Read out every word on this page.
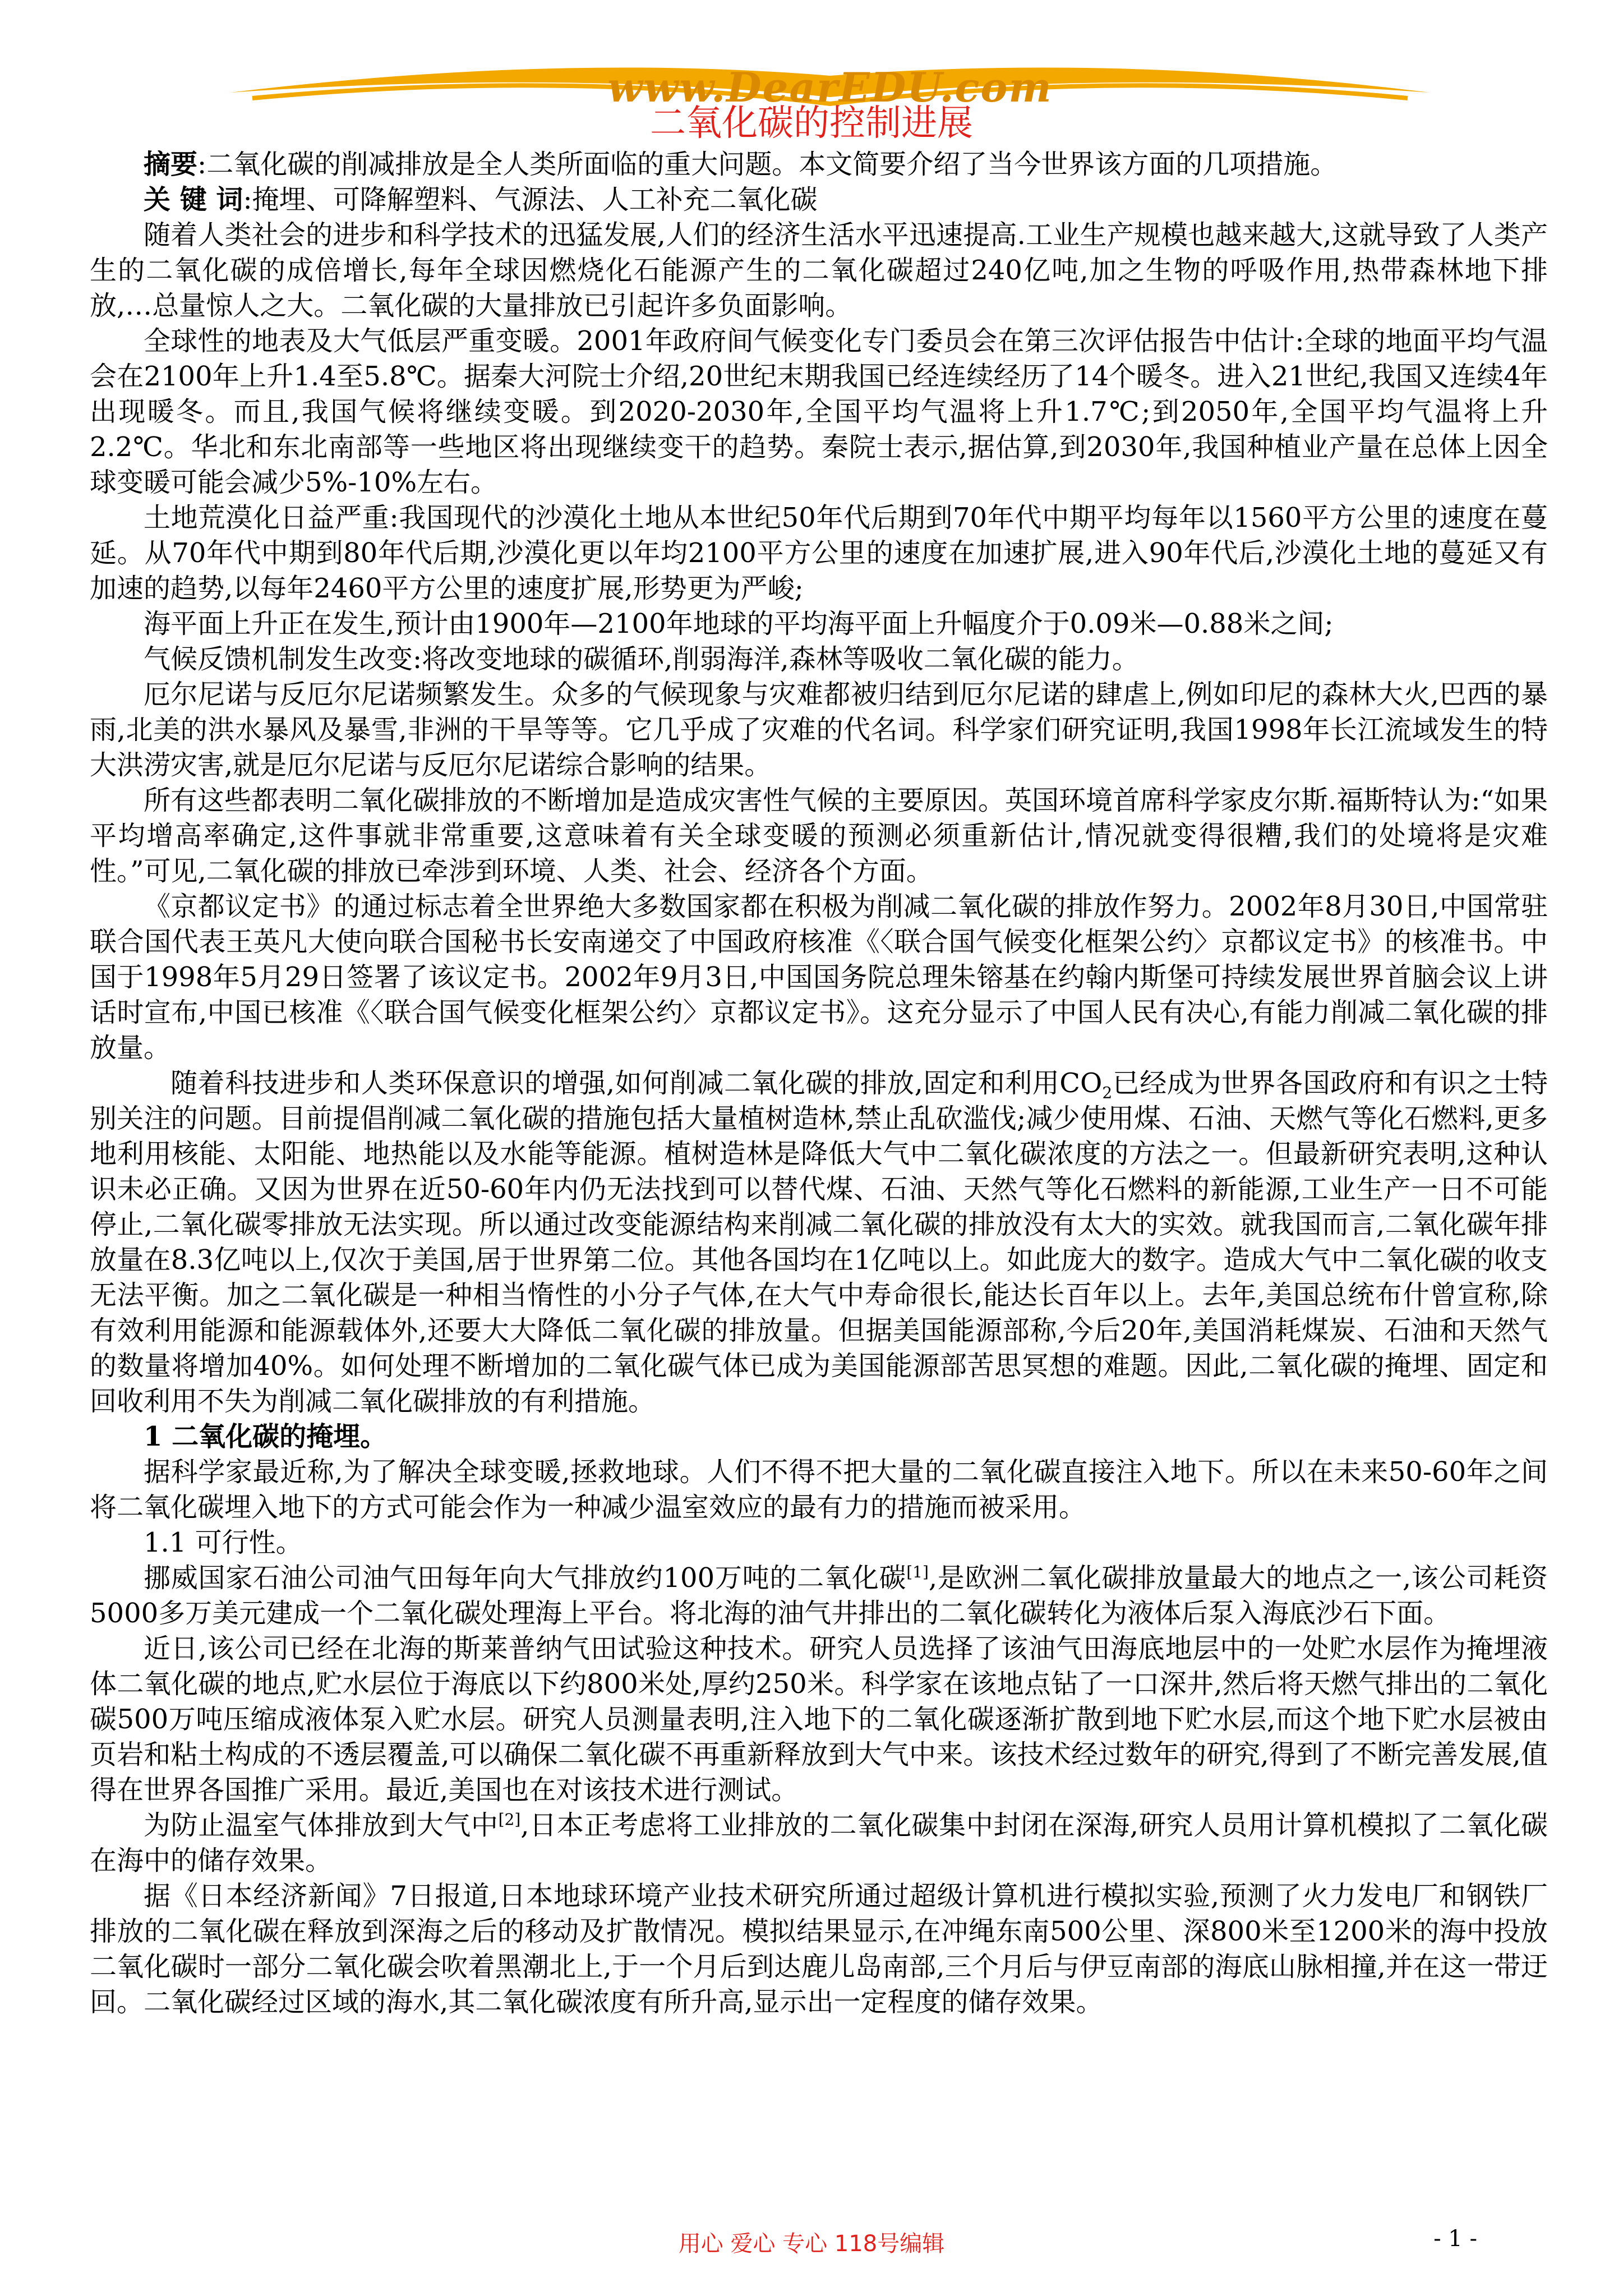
www.DearEDU.com
二氧化碳的控制进展

摘要:二氧化碳的削减排放是全人类所面临的重大问题。本文简要介绍了当今世界该方面的几项措施。

关 键 词:掩埋、可降解塑料、气源法、人工补充二氧化碳

随着人类社会的进步和科学技术的迅猛发展,人们的经济生活水平迅速提高.工业生产规模也越来越大,这就导致了人类产生的二氧化碳的成倍增长,每年全球因燃烧化石能源产生的二氧化碳超过240亿吨,加之生物的呼吸作用,热带森林地下排放,…总量惊人之大。二氧化碳的大量排放已引起许多负面影响。

全球性的地表及大气低层严重变暖。2001年政府间气候变化专门委员会在第三次评估报告中估计:全球的地面平均气温会在2100年上升1.4至5.8℃。据秦大河院士介绍,20世纪末期我国已经连续经历了14个暖冬。进入21世纪,我国又连续4年出现暖冬。而且,我国气候将继续变暖。到2020-2030年,全国平均气温将上升1.7℃;到2050年,全国平均气温将上升2.2℃。华北和东北南部等一些地区将出现继续变干的趋势。秦院士表示,据估算,到2030年,我国种植业产量在总体上因全球变暖可能会减少5%-10%左右。

土地荒漠化日益严重:我国现代的沙漠化土地从本世纪50年代后期到70年代中期平均每年以1560平方公里的速度在蔓延。从70年代中期到80年代后期,沙漠化更以年均2100平方公里的速度在加速扩展,进入90年代后,沙漠化土地的蔓延又有加速的趋势,以每年2460平方公里的速度扩展,形势更为严峻;

海平面上升正在发生,预计由1900年—2100年地球的平均海平面上升幅度介于0.09米—0.88米之间;

气候反馈机制发生改变:将改变地球的碳循环,削弱海洋,森林等吸收二氧化碳的能力。

厄尔尼诺与反厄尔尼诺频繁发生。众多的气候现象与灾难都被归结到厄尔尼诺的肆虐上,例如印尼的森林大火,巴西的暴雨,北美的洪水暴风及暴雪,非洲的干旱等等。它几乎成了灾难的代名词。科学家们研究证明,我国1998年长江流域发生的特大洪涝灾害,就是厄尔尼诺与反厄尔尼诺综合影响的结果。

所有这些都表明二氧化碳排放的不断增加是造成灾害性气候的主要原因。英国环境首席科学家皮尔斯.福斯特认为:“如果平均增高率确定,这件事就非常重要,这意味着有关全球变暖的预测必须重新估计,情况就变得很糟,我们的处境将是灾难性。”可见,二氧化碳的排放已牵涉到环境、人类、社会、经济各个方面。

《京都议定书》的通过标志着全世界绝大多数国家都在积极为削减二氧化碳的排放作努力。2002年8月30日,中国常驻联合国代表王英凡大使向联合国秘书长安南递交了中国政府核准《〈联合国气候变化框架公约〉京都议定书》的核准书。中国于1998年5月29日签署了该议定书。2002年9月3日,中国国务院总理朱镕基在约翰内斯堡可持续发展世界首脑会议上讲话时宣布,中国已核准《〈联合国气候变化框架公约〉京都议定书》。这充分显示了中国人民有决心,有能力削减二氧化碳的排放量。

随着科技进步和人类环保意识的增强,如何削减二氧化碳的排放,固定和利用$CO_2$已经成为世界各国政府和有识之士特别关注的问题。目前提倡削减二氧化碳的措施包括大量植树造林,禁止乱砍滥伐;减少使用煤、石油、天燃气等化石燃料,更多地利用核能、太阳能、地热能以及水能等能源。植树造林是降低大气中二氧化碳浓度的方法之一。但最新研究表明,这种认识未必正确。又因为世界在近50-60年内仍无法找到可以替代煤、石油、天然气等化石燃料的新能源,工业生产一日不可能停止,二氧化碳零排放无法实现。所以通过改变能源结构来削减二氧化碳的排放没有太大的实效。就我国而言,二氧化碳年排放量在8.3亿吨以上,仅次于美国,居于世界第二位。其他各国均在1亿吨以上。如此庞大的数字。造成大气中二氧化碳的收支无法平衡。加之二氧化碳是一种相当惰性的小分子气体,在大气中寿命很长,能达长百年以上。去年,美国总统布什曾宣称,除有效利用能源和能源载体外,还要大大降低二氧化碳的排放量。但据美国能源部称,今后20年,美国消耗煤炭、石油和天然气的数量将增加40%。如何处理不断增加的二氧化碳气体已成为美国能源部苦思冥想的难题。因此,二氧化碳的掩埋、固定和回收利用不失为削减二氧化碳排放的有利措施。

1 二氧化碳的掩埋。

据科学家最近称,为了解决全球变暖,拯救地球。人们不得不把大量的二氧化碳直接注入地下。所以在未来50-60年之间将二氧化碳埋入地下的方式可能会作为一种减少温室效应的最有力的措施而被采用。

1.1 可行性。

挪威国家石油公司油气田每年向大气排放约100万吨的二氧化碳[1],是欧洲二氧化碳排放量最大的地点之一,该公司耗资5000多万美元建成一个二氧化碳处理海上平台。将北海的油气井排出的二氧化碳转化为液体后泵入海底沙石下面。

近日,该公司已经在北海的斯莱普纳气田试验这种技术。研究人员选择了该油气田海底地层中的一处贮水层作为掩埋液体二氧化碳的地点,贮水层位于海底以下约800米处,厚约250米。科学家在该地点钻了一口深井,然后将天燃气排出的二氧化碳500万吨压缩成液体泵入贮水层。研究人员测量表明,注入地下的二氧化碳逐渐扩散到地下贮水层,而这个地下贮水层被由页岩和粘土构成的不透层覆盖,可以确保二氧化碳不再重新释放到大气中来。该技术经过数年的研究,得到了不断完善发展,值得在世界各国推广采用。最近,美国也在对该技术进行测试。

为防止温室气体排放到大气中[2],日本正考虑将工业排放的二氧化碳集中封闭在深海,研究人员用计算机模拟了二氧化碳在海中的储存效果。

据《日本经济新闻》7日报道,日本地球环境产业技术研究所通过超级计算机进行模拟实验,预测了火力发电厂和钢铁厂排放的二氧化碳在释放到深海之后的移动及扩散情况。模拟结果显示,在冲绳东南500公里、深800米至1200米的海中投放二氧化碳时一部分二氧化碳会吹着黑潮北上,于一个月后到达鹿儿岛南部,三个月后与伊豆南部的海底山脉相撞,并在这一带迂回。二氧化碳经过区域的海水,其二氧化碳浓度有所升高,显示出一定程度的储存效果。

用心 爱心 专心 118号编辑	- 1 -
